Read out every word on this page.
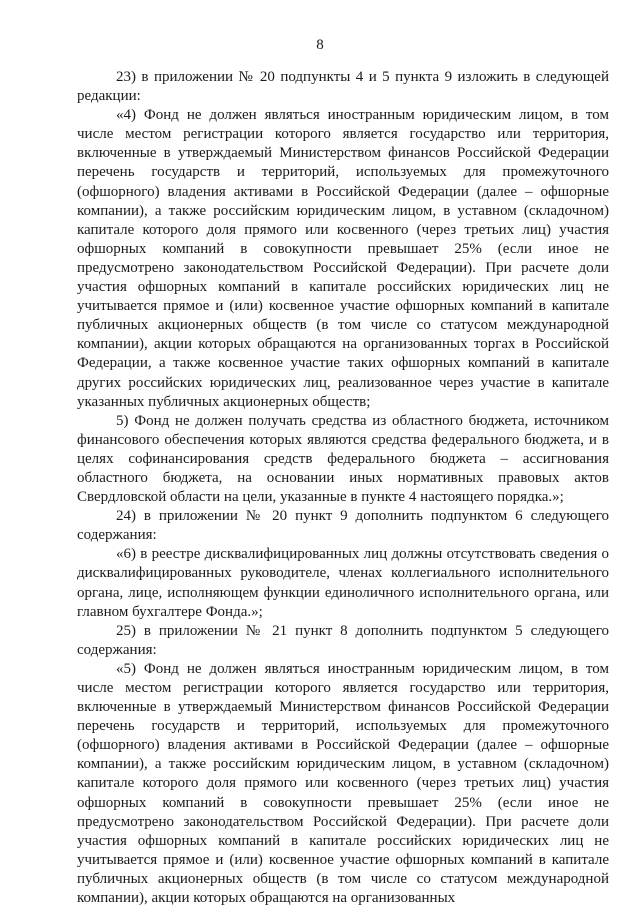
8

23) в приложении № 20 подпункты 4 и 5 пункта 9 изложить в следующей редакции:

«4) Фонд не должен являться иностранным юридическим лицом, в том числе местом регистрации которого является государство или территория, включенные в утверждаемый Министерством финансов Российской Федерации перечень государств и территорий, используемых для промежуточного (офшорного) владения активами в Российской Федерации (далее – офшорные компании), а также российским юридическим лицом, в уставном (складочном) капитале которого доля прямого или косвенного (через третьих лиц) участия офшорных компаний в совокупности превышает 25% (если иное не предусмотрено законодательством Российской Федерации). При расчете доли участия офшорных компаний в капитале российских юридических лиц не учитывается прямое и (или) косвенное участие офшорных компаний в капитале публичных акционерных обществ (в том числе со статусом международной компании), акции которых обращаются на организованных торгах в Российской Федерации, а также косвенное участие таких офшорных компаний в капитале других российских юридических лиц, реализованное через участие в капитале указанных публичных акционерных обществ;

5) Фонд не должен получать средства из областного бюджета, источником финансового обеспечения которых являются средства федерального бюджета, и в целях софинансирования средств федерального бюджета – ассигнования областного бюджета, на основании иных нормативных правовых актов Свердловской области на цели, указанные в пункте 4 настоящего порядка.»;

24) в приложении № 20 пункт 9 дополнить подпунктом 6 следующего содержания:

«6) в реестре дисквалифицированных лиц должны отсутствовать сведения о дисквалифицированных руководителе, членах коллегиального исполнительного органа, лице, исполняющем функции единоличного исполнительного органа, или главном бухгалтере Фонда.»;

25) в приложении № 21 пункт 8 дополнить подпунктом 5 следующего содержания:

«5) Фонд не должен являться иностранным юридическим лицом, в том числе местом регистрации которого является государство или территория, включенные в утверждаемый Министерством финансов Российской Федерации перечень государств и территорий, используемых для промежуточного (офшорного) владения активами в Российской Федерации (далее – офшорные компании), а также российским юридическим лицом, в уставном (складочном) капитале которого доля прямого или косвенного (через третьих лиц) участия офшорных компаний в совокупности превышает 25% (если иное не предусмотрено законодательством Российской Федерации). При расчете доли участия офшорных компаний в капитале российских юридических лиц не учитывается прямое и (или) косвенное участие офшорных компаний в капитале публичных акционерных обществ (в том числе со статусом международной компании), акции которых обращаются на организованных
